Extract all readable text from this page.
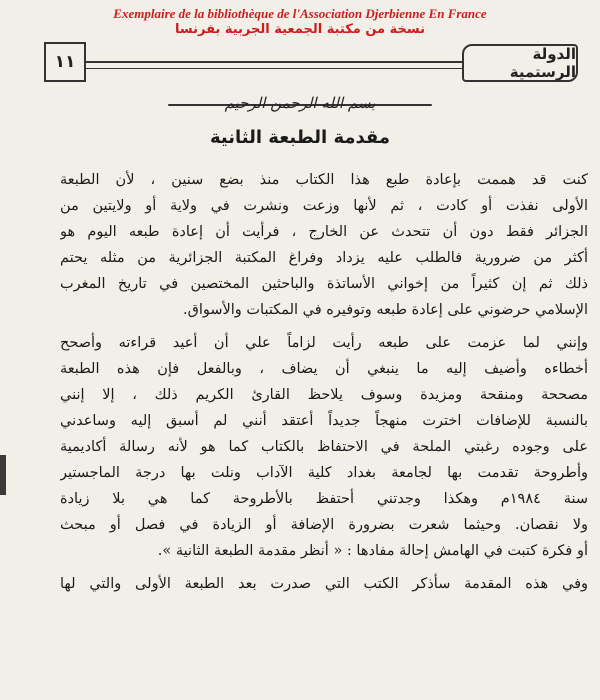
Exemplaire de la bibliothèque de l'Association Djerbienne En France
نسخة من مكتبة الجمعية الجربية بفرنسا
١١	الدولة الرستمية
بسم الله الرحمن الرحيم
مقدمة الطبعة الثانية
كنت قد هممت بإعادة طبع هذا الكتاب منذ بضع سنين ، لأن الطبعة
الأولى نفذت أو كادت ، ثم لأنها وزعت ونشرت في ولاية أو ولايتين من
الجزائر فقط دون أن تتحدث عن الخارج ، فرأيت أن إعادة طبعه اليوم هو
أكثر من ضرورية فالطلب عليه يزداد وفراغ المكتبة الجزائرية من مثله يحتم
ذلك ثم إن كثيراً من إخواني الأساتذة والباحثين المختصين في تاريخ المغرب
الإسلامي حرضوني على إعادة طبعه وتوفيره في المكتبات والأسواق.
وإنني لما عزمت على طبعه رأيت لزاماً علي أن أعيد قراءته وأصحح
أخطاءه وأضيف إليه ما ينبغي أن يضاف ، وبالفعل فإن هذه الطبعة
مصححة ومنقحة ومزيدة وسوف يلاحظ القارئ الكريم ذلك ، إلا إنني
بالنسبة للإضافات اخترت منهجاً جديداً أعتقد أنني لم أسبق إليه وساعدني
على وجوده رغبتي الملحة في الاحتفاظ بالكتاب كما هو لأنه رسالة أكاديمية
وأطروحة تقدمت بها لجامعة بغداد كلية الآداب ونلت بها درجة الماجستير
سنة ١٩٨٤م وهكذا وجدتني أحتفظ بالأطروحة كما هي بلا زيادة
ولا نقصان. وحيثما شعرت بضرورة الإضافة أو الزيادة في فصل أو مبحث
أو فكرة كتبت في الهامش إحالة مفادها : « أنظر مقدمة الطبعة الثانية ».
وفي هذه المقدمة سأذكر الكتب التي صدرت بعد الطبعة الأولى والتي لها
